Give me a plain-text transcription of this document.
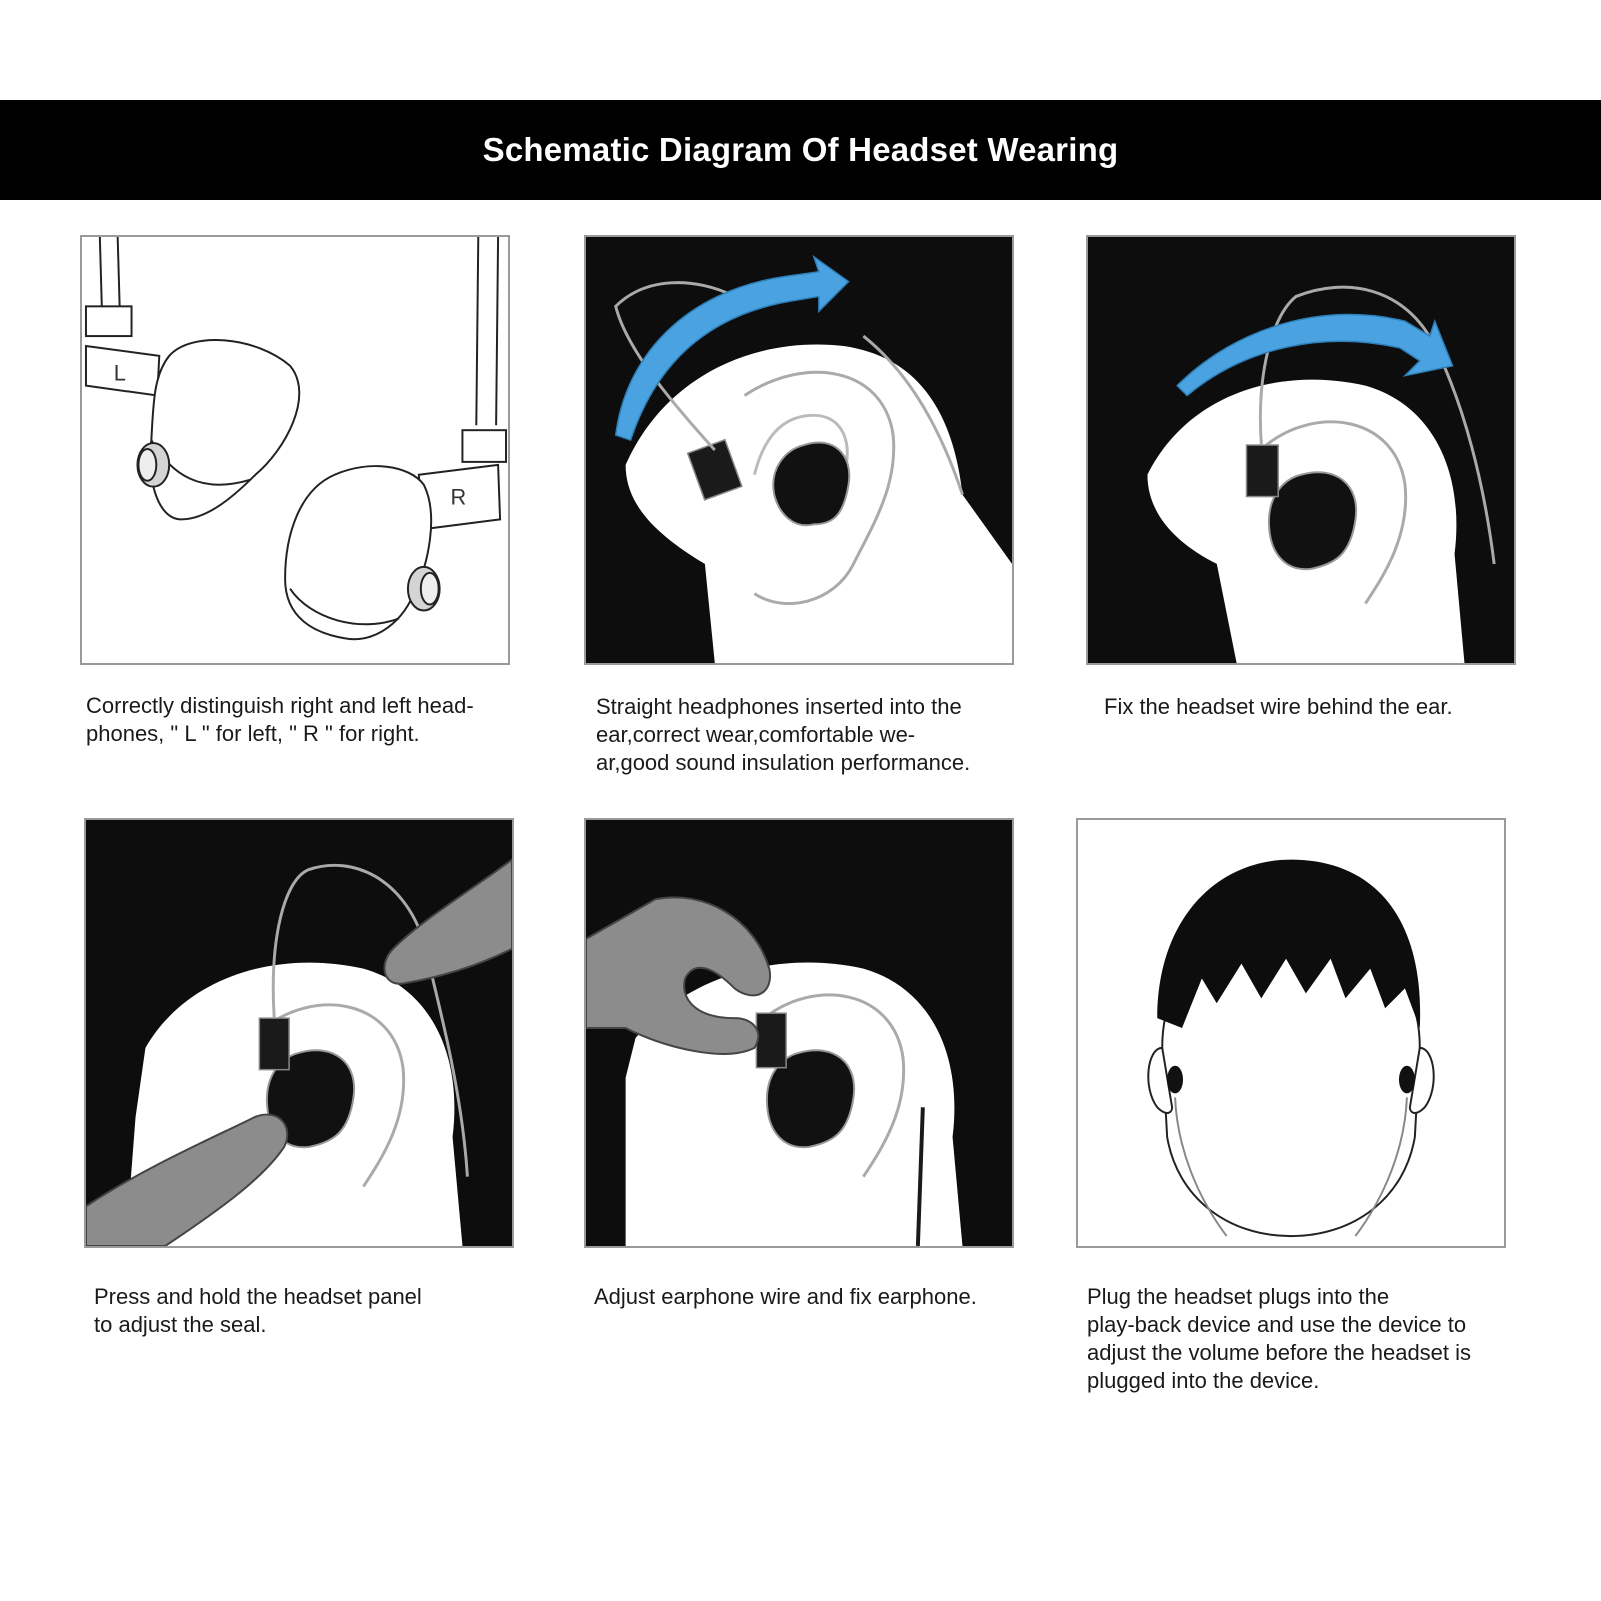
Schematic Diagram Of Headset Wearing
L
R
Correctly distinguish right and left head-
phones, " L " for left, " R " for right.
Straight headphones inserted into the
ear,correct wear,comfortable we-
ar,good sound insulation performance.
Fix the headset wire behind the ear.
Press and hold the headset panel
to adjust the seal.
Adjust earphone wire and fix earphone.	Plug the headset plugs into the
play-back device and use the device to
adjust the volume before the headset is
plugged into the device.
